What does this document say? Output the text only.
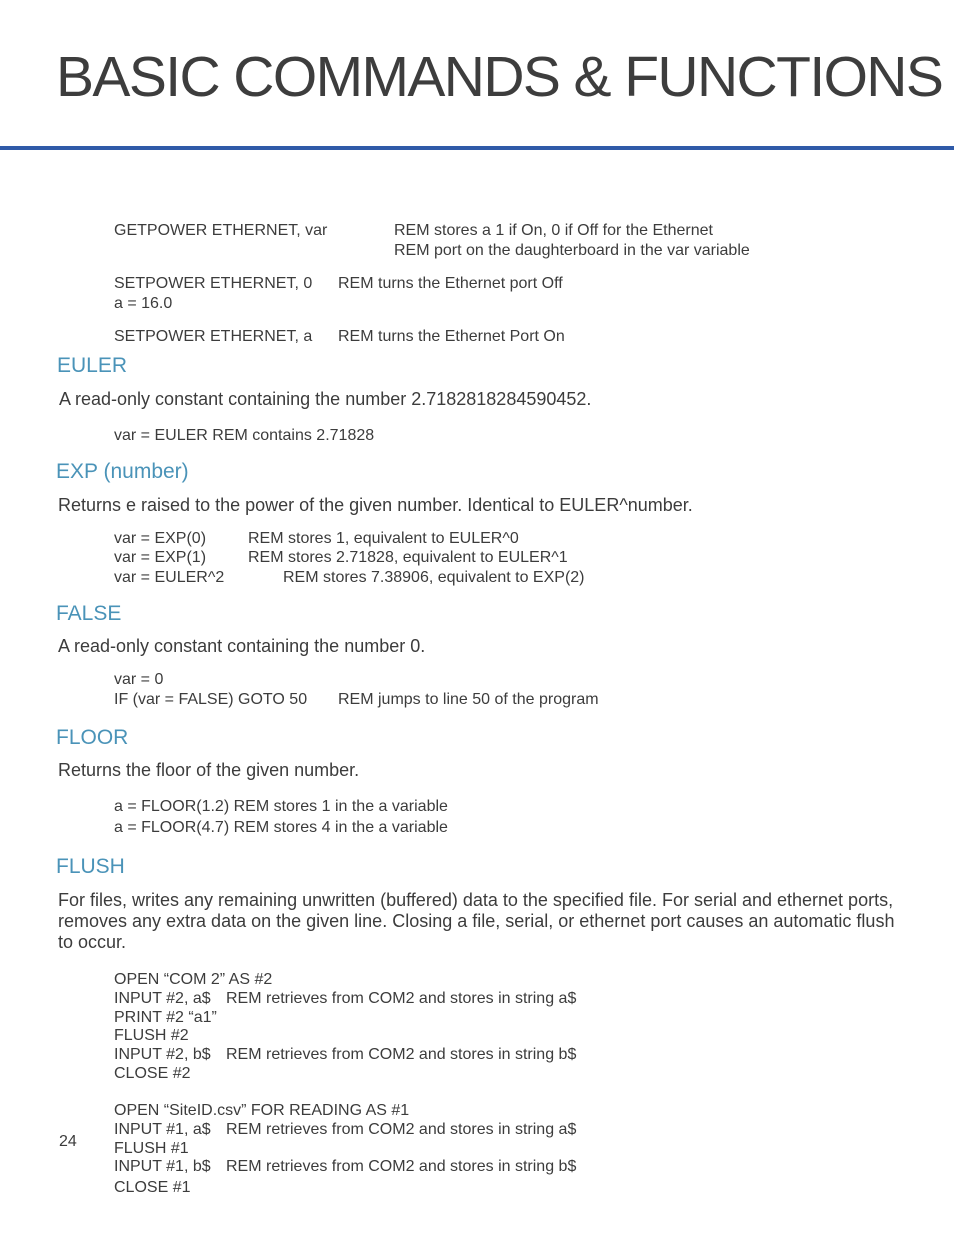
BASIC COMMANDS & FUNCTIONS

GETPOWER ETHERNET, var	REM stores a 1 if On, 0 if Off for the Ethernet

REM port on the daughterboard in the var variable

SETPOWER ETHERNET, 0 REM turns the Ethernet port Off

a = 16.0

SETPOWER ETHERNET, a REM turns the Ethernet Port On

EULER

A read-only constant containing the number 2.7182818284590452.

var = EULER REM contains 2.71828

EXP (number)

Returns e raised to the power of the given number. Identical to EULER^number.

var = EXP(0)	REM stores 1, equivalent to EULER^0

var = EXP(1)	REM stores 2.71828, equivalent to EULER^1

var = EULER^2	REM stores 7.38906, equivalent to EXP(2)

FALSE

A read-only constant containing the number 0.

var = 0

IF (var = FALSE) GOTO 50 REM jumps to line 50 of the program

FLOOR

Returns the floor of the given number.

a = FLOOR(1.2) REM stores 1 in the a variable

a = FLOOR(4.7) REM stores 4 in the a variable

FLUSH

For files, writes any remaining unwritten (buffered) data to the specified file. For serial and ethernet ports, removes any extra data on the given line. Closing a file, serial, or ethernet port causes an automatic flush to occur.

OPEN “COM 2” AS #2

INPUT #2, a$ REM retrieves from COM2 and stores in string a$

PRINT #2 “a1”

FLUSH #2

INPUT #2, b$ REM retrieves from COM2 and stores in string b$

CLOSE #2

OPEN “SiteID.csv” FOR READING AS #1

INPUT #1, a$ REM retrieves from COM2 and stores in string a$

FLUSH #1

INPUT #1, b$ REM retrieves from COM2 and stores in string b$

CLOSE #1

24
